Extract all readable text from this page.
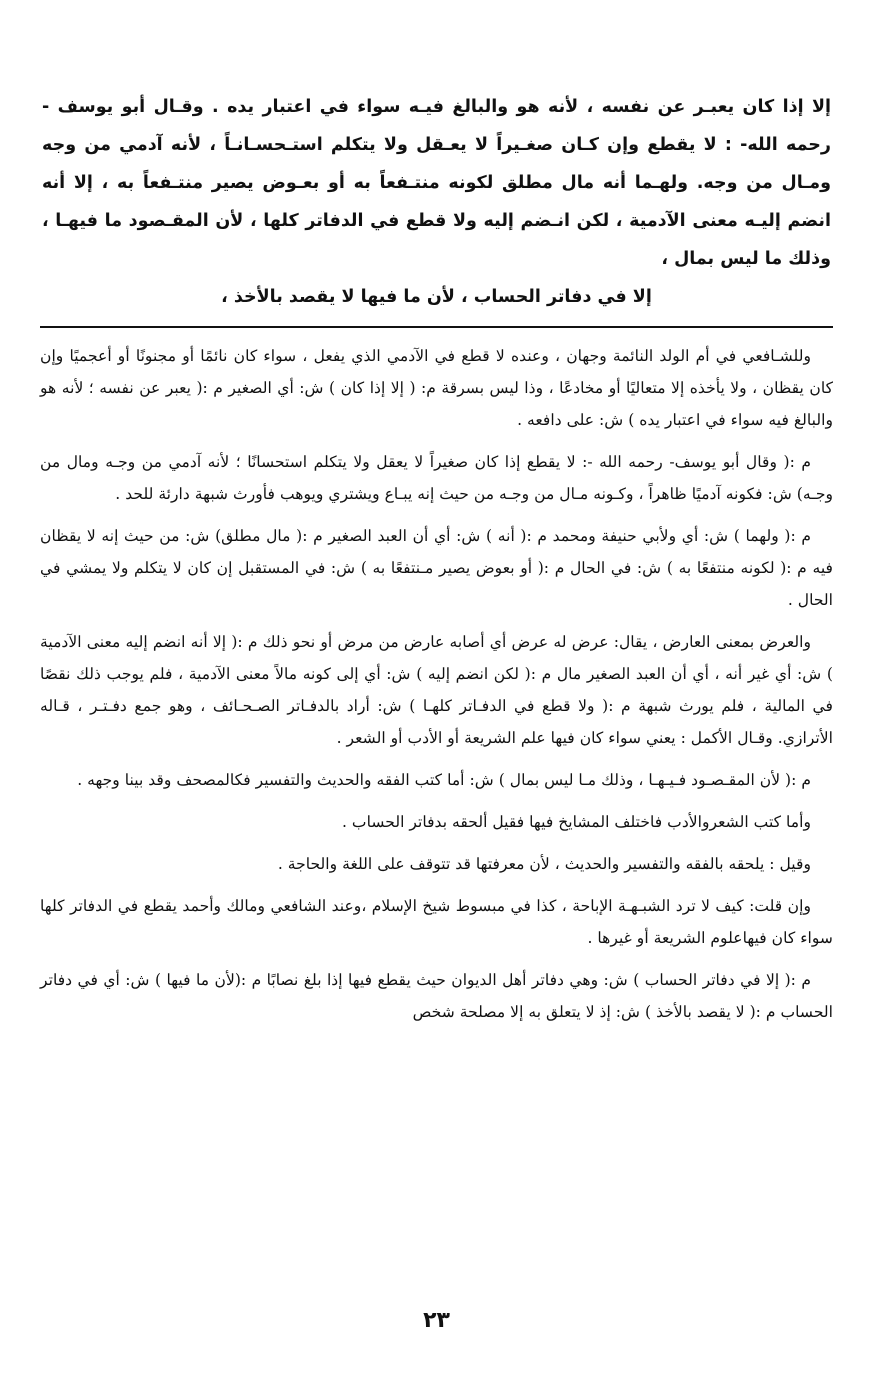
إلا إذا كان يعبـر عن نفسه ، لأنه هو والبالغ فيـه سواء في اعتبار يده . وقـال أبو يوسف - رحمه الله- : لا يقطع وإن كـان صغـيراً لا يعـقل ولا يتكلم استـحسـانـاً ، لأنه آدمي من وجه ومـال من وجه. ولهـما أنه مال مطلق لكونه منتـفعاً به أو بعـوض يصير منتـفعاً به ، إلا أنه انضم إليـه معنى الآدمية ، لكن انـضم إليه ولا قطع في الدفاتر كلها ، لأن المقـصود ما فيهـا ، وذلك ما ليس بمال ،
إلا في دفاتر الحساب ، لأن ما فيها لا يقصد بالأخذ ،

وللشـافعي في أم الولد النائمة وجهان ، وعنده لا قطع في الآدمي الذي يفعل ، سواء كان نائمًا أو مجنونًا أو أعجميًا وإن كان يقظان ، ولا يأخذه إلا متعاليًا أو مخادعًا ، وذا ليس بسرقة م: ( إلا إذا كان ) ش: أي الصغير م :( يعبر عن نفسه ؛ لأنه هو والبالغ فيه سواء في اعتبار يده ) ش: على دافعه .

م :( وقال أبو يوسف- رحمه الله -: لا يقطع إذا كان صغيراً لا يعقل ولا يتكلم استحسانًا ؛ لأنه آدمي من وجـه ومال من وجـه) ش: فكونه آدميًا ظاهراً ، وكـونه مـال من وجـه من حيث إنه يبـاع ويشتري ويوهب فأورث شبهة دارئة للحد .

م :( ولهما ) ش: أي ولأبي حنيفة ومحمد م :( أنه ) ش: أي أن العبد الصغير م :( مال مطلق) ش: من حيث إنه لا يقظان فيه م :( لكونه منتفعًا به ) ش: في الحال م :( أو بعوض يصير مـنتفعًا به ) ش: في المستقبل إن كان لا يتكلم ولا يمشي في الحال .

والعرض بمعنى العارض ، يقال: عرض له عرض أي أصابه عارض من مرض أو نحو ذلك م :( إلا أنه انضم إليه معنى الآدمية ) ش: أي غير أنه ، أي أن العبد الصغير مال م :( لكن انضم إليه ) ش: أي إلى كونه مالاً معنى الآدمية ، فلم يوجب ذلك نقصًا في المالية ، فلم يورث شبهة م :( ولا قطع في الدفـاتر كلهـا ) ش: أراد بالدفـاتر الصـحـائف ، وهو جمع دفـتـر ، قـاله الأترازي. وقـال الأكمل : يعني سواء كان فيها علم الشريعة أو الأدب أو الشعر .

م :( لأن المقـصـود فـيـهـا ، وذلك مـا ليس بمال ) ش: أما كتب الفقه والحديث والتفسير فكالمصحف وقد بينا وجهه .

وأما كتب الشعروالأدب فاختلف المشايخ فيها فقيل ألحقه بدفاتر الحساب .

وقيل : يلحقه بالفقه والتفسير والحديث ، لأن معرفتها قد تتوقف على اللغة والحاجة .

وإن قلت: كيف لا ترد الشبـهـة الإباحة ، كذا في مبسوط شيخ الإسلام ،وعند الشافعي ومالك وأحمد يقطع في الدفاتر كلها سواء كان فيهاعلوم الشريعة أو غيرها .

م :( إلا في دفاتر الحساب ) ش: وهي دفاتر أهل الديوان حيث يقطع فيها إذا بلغ نصابًا م :(لأن ما فيها ) ش: أي في دفاتر الحساب م :( لا يقصد بالأخذ ) ش: إذ لا يتعلق به إلا مصلحة شخص

٢٣
